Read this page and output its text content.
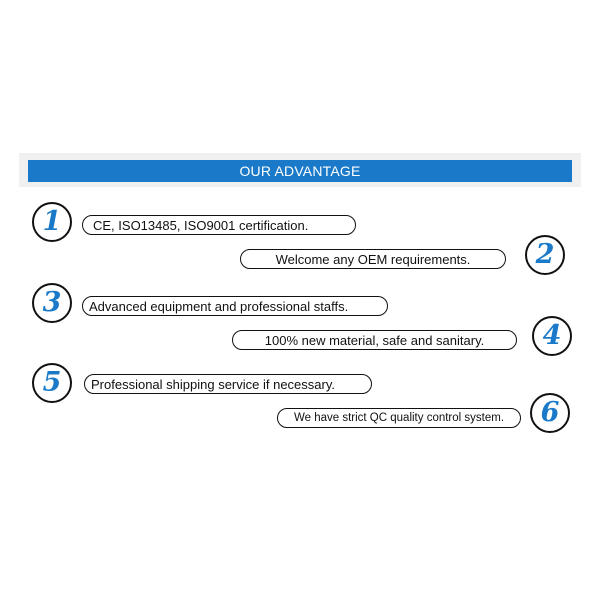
OUR ADVANTAGE
1	CE, ISO13485, ISO9001 certification.
Welcome any OEM requirements.	2
3	Advanced equipment and professional staffs.
100% new material, safe and sanitary.	4
5	Professional shipping service if necessary.
We have strict QC quality control system.	6
